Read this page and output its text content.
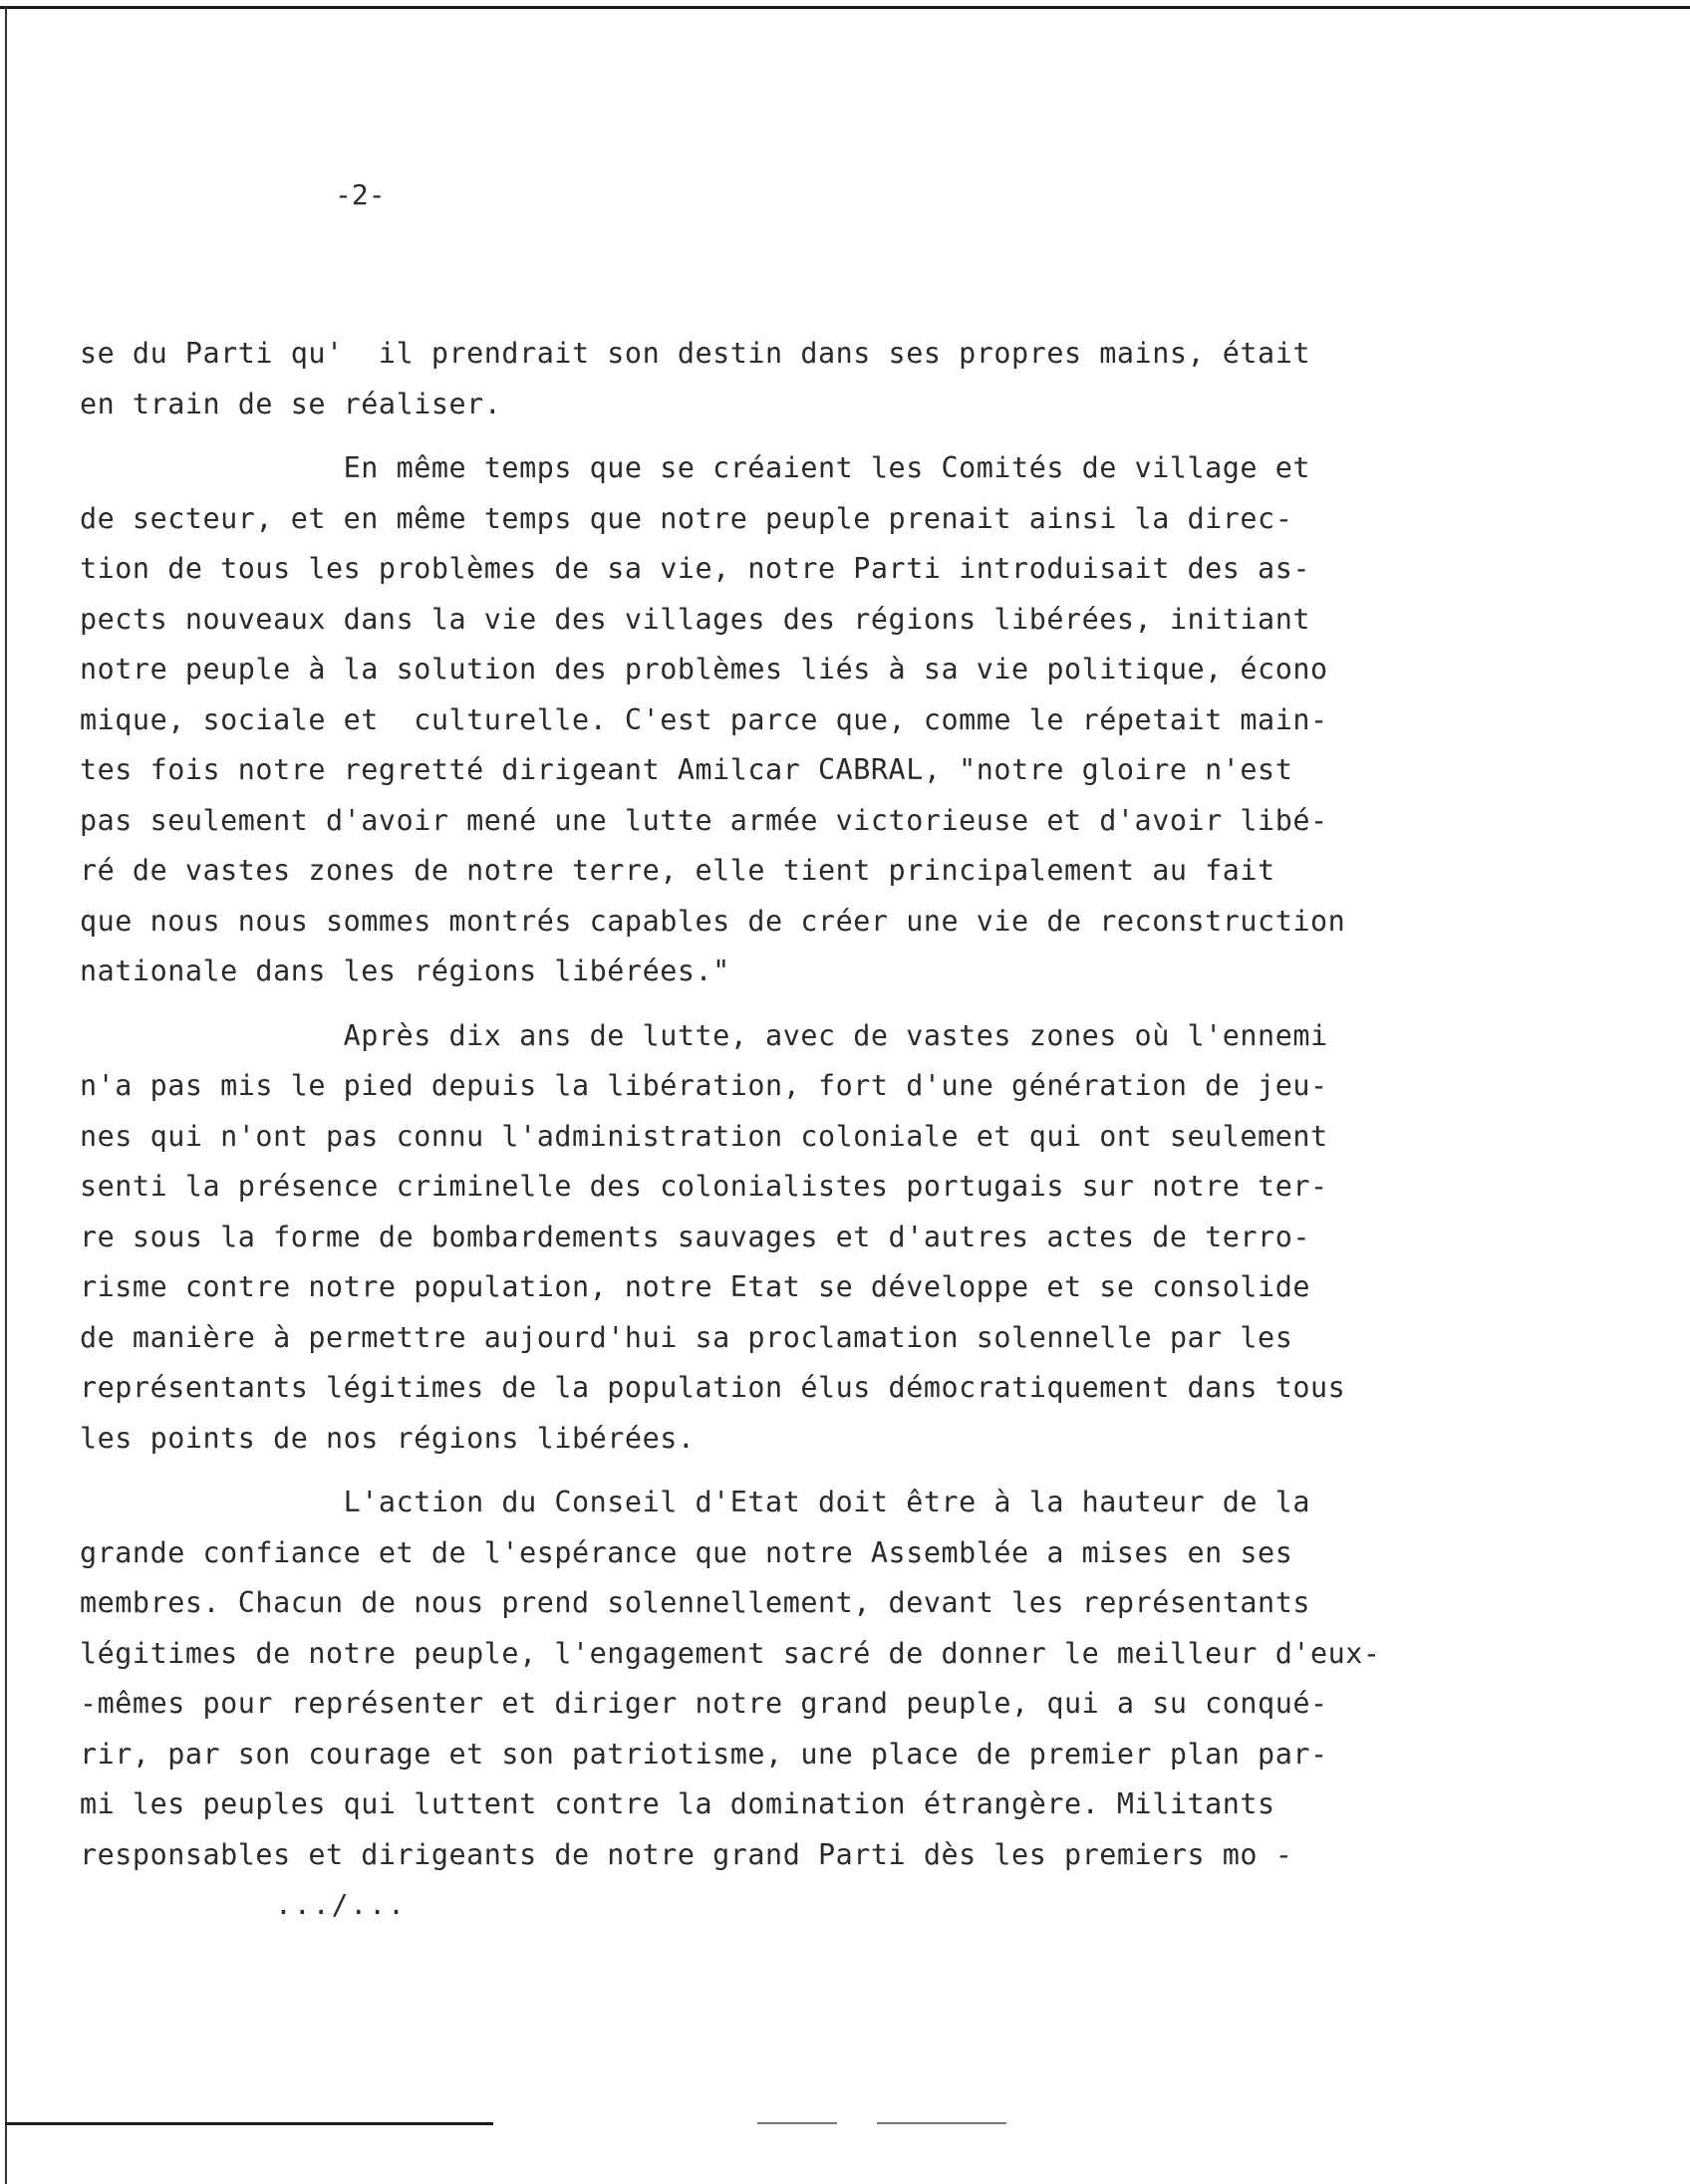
-2-
se du Parti qu'  il prendrait son destin dans ses propres mains, était
en train de se réaliser.
En même temps que se créaient les Comités de village et
de secteur, et en même temps que notre peuple prenait ainsi la direc-
tion de tous les problèmes de sa vie, notre Parti introduisait des as-
pects nouveaux dans la vie des villages des régions libérées, initiant
notre peuple à la solution des problèmes liés à sa vie politique, écono
mique, sociale et  culturelle. C'est parce que, comme le répetait main-
tes fois notre regretté dirigeant Amilcar CABRAL, "notre gloire n'est
pas seulement d'avoir mené une lutte armée victorieuse et d'avoir libé-
ré de vastes zones de notre terre, elle tient principalement au fait
que nous nous sommes montrés capables de créer une vie de reconstruction
nationale dans les régions libérées."
Après dix ans de lutte, avec de vastes zones où l'ennemi
n'a pas mis le pied depuis la libération, fort d'une génération de jeu-
nes qui n'ont pas connu l'administration coloniale et qui ont seulement
senti la présence criminelle des colonialistes portugais sur notre ter-
re sous la forme de bombardements sauvages et d'autres actes de terro-
risme contre notre population, notre Etat se développe et se consolide
de manière à permettre aujourd'hui sa proclamation solennelle par les
représentants légitimes de la population élus démocratiquement dans tous
les points de nos régions libérées.
L'action du Conseil d'Etat doit être à la hauteur de la
grande confiance et de l'espérance que notre Assemblée a mises en ses
membres. Chacun de nous prend solennellement, devant les représentants
légitimes de notre peuple, l'engagement sacré de donner le meilleur d'eux-
-mêmes pour représenter et diriger notre grand peuple, qui a su conqué-
rir, par son courage et son patriotisme, une place de premier plan par-
mi les peuples qui luttent contre la domination étrangère. Militants
responsables et dirigeants de notre grand Parti dès les premiers mo -
.../...
